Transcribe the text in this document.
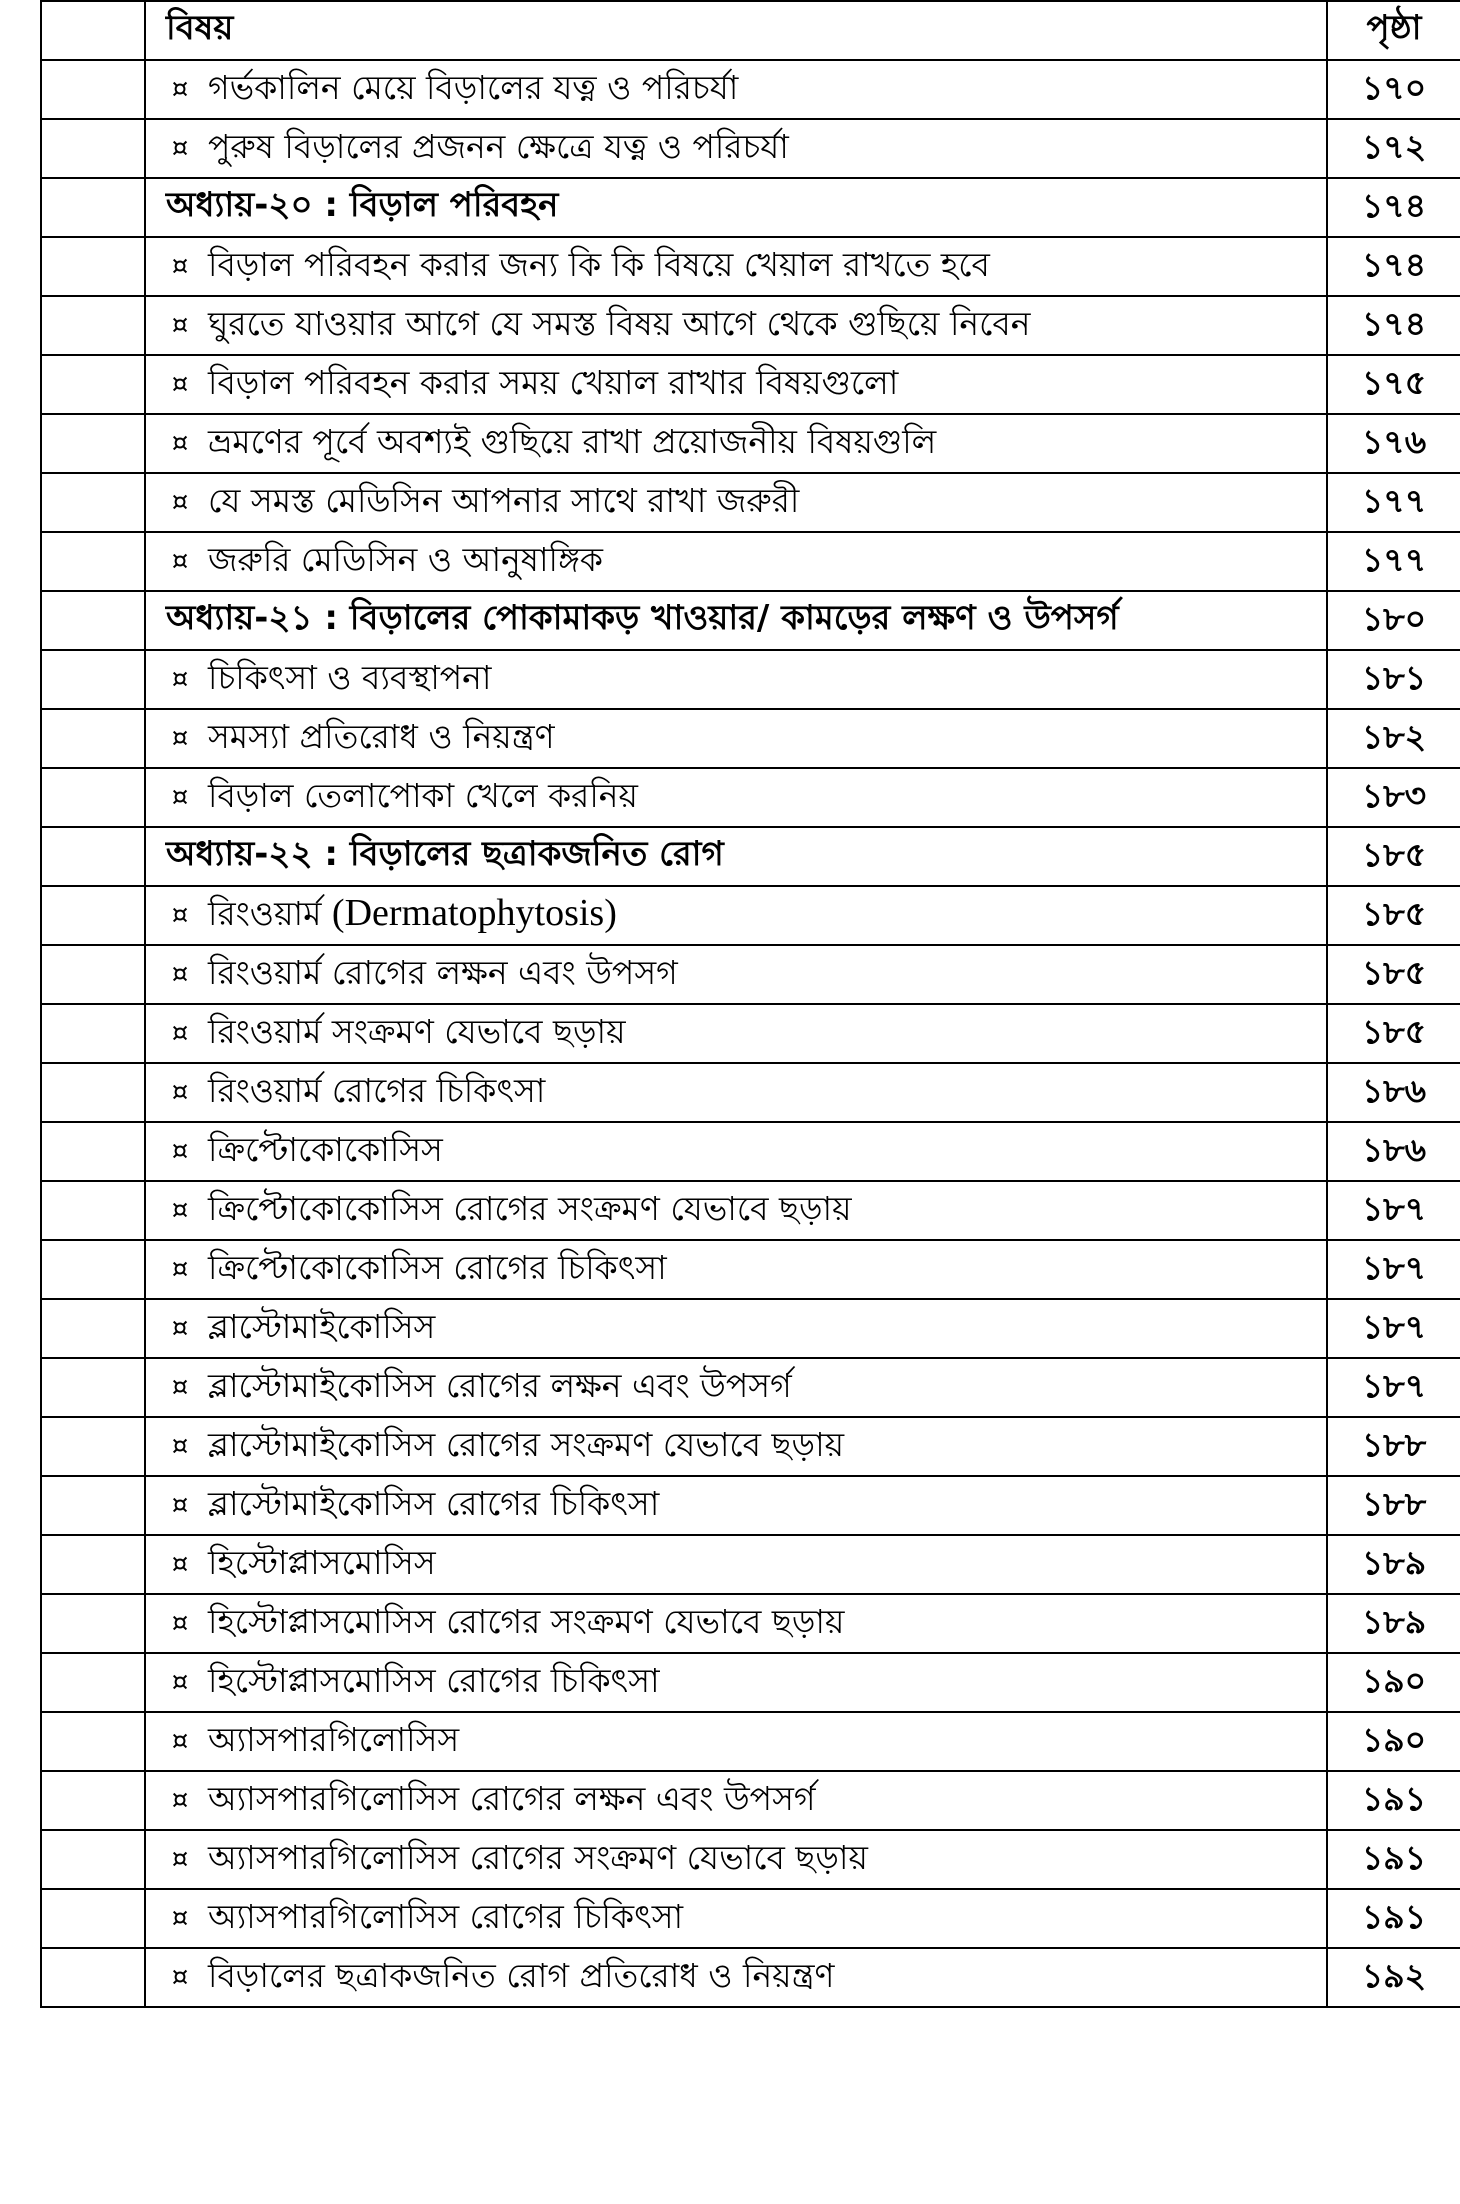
	বিষয়	পৃষ্ঠা
	¤ গর্ভকালিন মেয়ে বিড়ালের যত্ন ও পরিচর্যা	১৭০
	¤ পুরুষ বিড়ালের প্রজনন ক্ষেত্রে যত্ন ও পরিচর্যা	১৭২
	অধ্যায়-২০ : বিড়াল পরিবহন	১৭৪
	¤ বিড়াল পরিবহন করার জন্য কি কি বিষয়ে খেয়াল রাখতে হবে	১৭৪
	¤ ঘুরতে যাওয়ার আগে যে সমস্ত বিষয় আগে থেকে গুছিয়ে নিবেন	১৭৪
	¤ বিড়াল পরিবহন করার সময় খেয়াল রাখার বিষয়গুলো	১৭৫
	¤ ভ্রমণের পূর্বে অবশ্যই গুছিয়ে রাখা প্রয়োজনীয় বিষয়গুলি	১৭৬
	¤ যে সমস্ত মেডিসিন আপনার সাথে রাখা জরুরী	১৭৭
	¤ জরুরি মেডিসিন ও আনুষাঙ্গিক	১৭৭
	অধ্যায়-২১ : বিড়ালের পোকামাকড় খাওয়ার/ কামড়ের লক্ষণ ও উপসর্গ	১৮০
	¤ চিকিৎসা ও ব্যবস্থাপনা	১৮১
	¤ সমস্যা প্রতিরোধ ও নিয়ন্ত্রণ	১৮২
	¤ বিড়াল তেলাপোকা খেলে করনিয়	১৮৩
	অধ্যায়-২২ : বিড়ালের ছত্রাকজনিত রোগ	১৮৫
	¤ রিংওয়ার্ম (Dermatophytosis)	১৮৫
	¤ রিংওয়ার্ম রোগের লক্ষন এবং উপসগ	১৮৫
	¤ রিংওয়ার্ম সংক্রমণ যেভাবে ছড়ায়	১৮৫
	¤ রিংওয়ার্ম রোগের চিকিৎসা	১৮৬
	¤ ক্রিপ্টোকোকোসিস	১৮৬
	¤ ক্রিপ্টোকোকোসিস রোগের সংক্রমণ যেভাবে ছড়ায়	১৮৭
	¤ ক্রিপ্টোকোকোসিস রোগের চিকিৎসা	১৮৭
	¤ ব্লাস্টোমাইকোসিস	১৮৭
	¤ ব্লাস্টোমাইকোসিস রোগের লক্ষন এবং উপসর্গ	১৮৭
	¤ ব্লাস্টোমাইকোসিস রোগের সংক্রমণ যেভাবে ছড়ায়	১৮৮
	¤ ব্লাস্টোমাইকোসিস রোগের চিকিৎসা	১৮৮
	¤ হিস্টোপ্লাসমোসিস	১৮৯
	¤ হিস্টোপ্লাসমোসিস রোগের সংক্রমণ যেভাবে ছড়ায়	১৮৯
	¤ হিস্টোপ্লাসমোসিস রোগের চিকিৎসা	১৯০
	¤ অ্যাসপারগিলোসিস	১৯০
	¤ অ্যাসপারগিলোসিস রোগের লক্ষন এবং উপসর্গ	১৯১
	¤ অ্যাসপারগিলোসিস রোগের সংক্রমণ যেভাবে ছড়ায়	১৯১
	¤ অ্যাসপারগিলোসিস রোগের চিকিৎসা	১৯১
	¤ বিড়ালের ছত্রাকজনিত রোগ প্রতিরোধ ও নিয়ন্ত্রণ	১৯২
